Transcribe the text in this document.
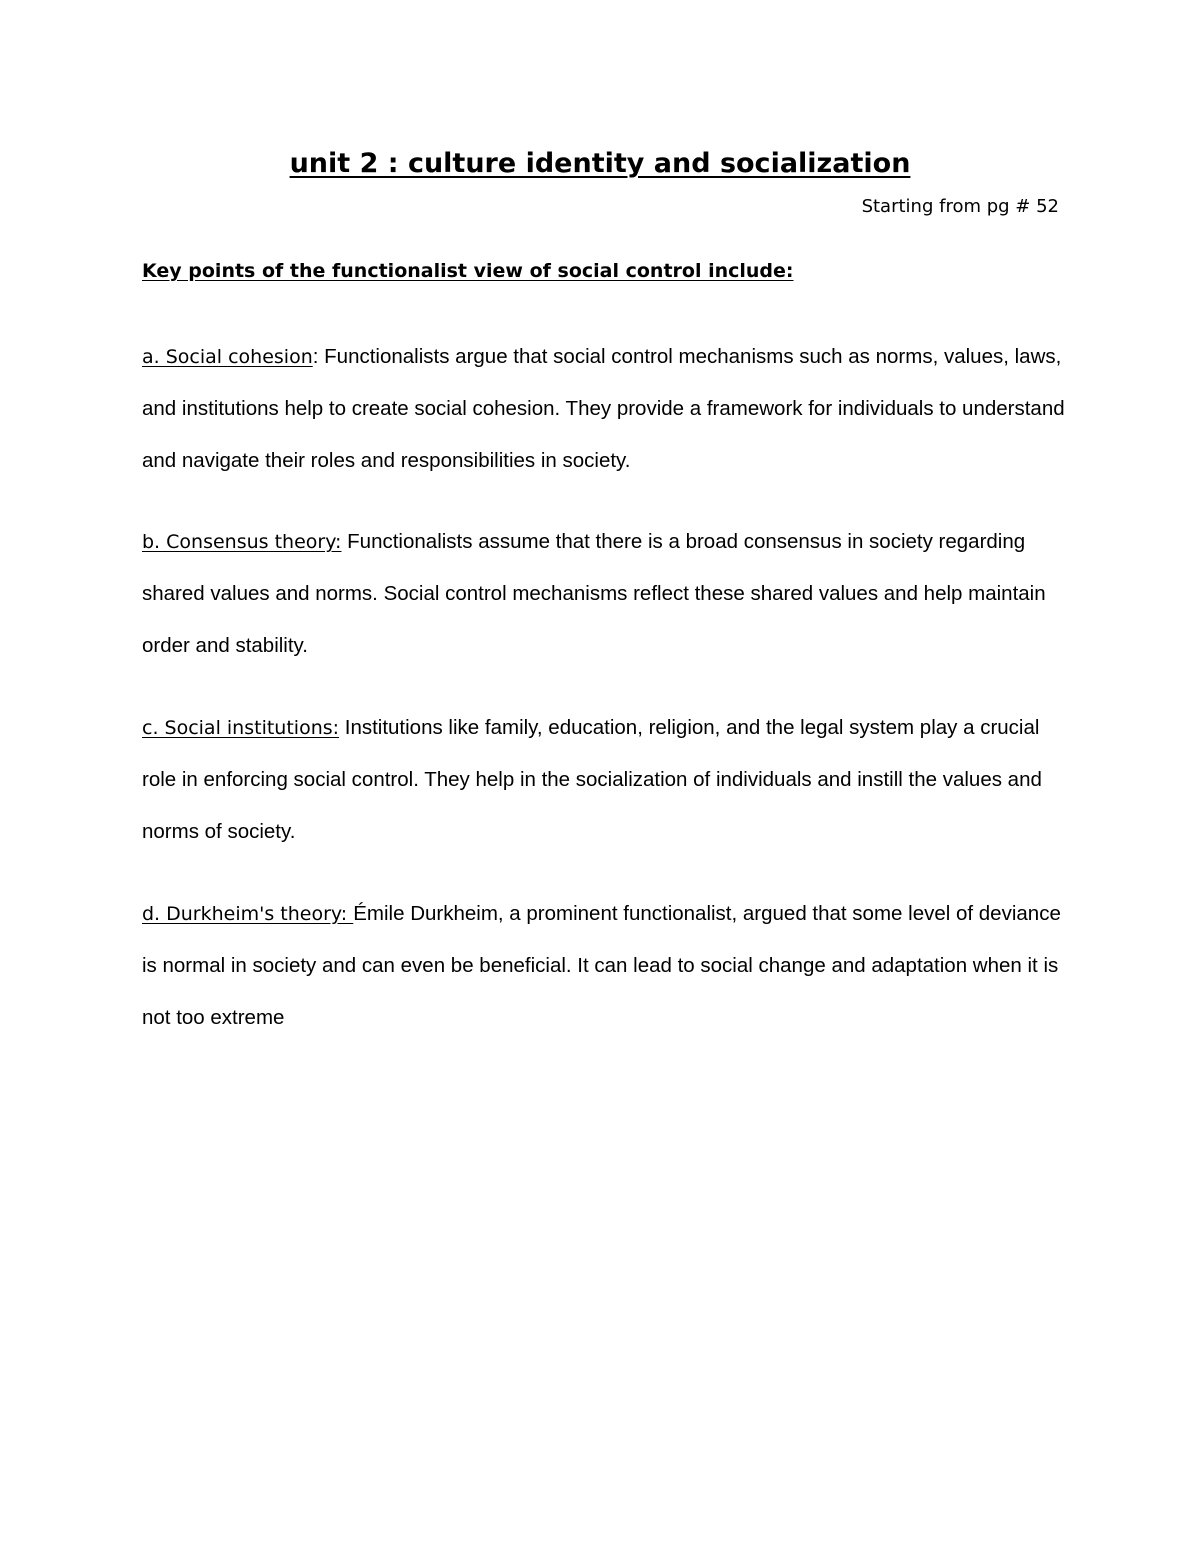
unit 2 : culture identity and socialization

Starting from pg # 52

Key points of the functionalist view of social control include:

a. Social cohesion: Functionalists argue that social control mechanisms such as norms, values, laws, and institutions help to create social cohesion. They provide a framework for individuals to understand and navigate their roles and responsibilities in society.

b. Consensus theory: Functionalists assume that there is a broad consensus in society regarding shared values and norms. Social control mechanisms reflect these shared values and help maintain order and stability.

c. Social institutions: Institutions like family, education, religion, and the legal system play a crucial role in enforcing social control. They help in the socialization of individuals and instill the values and norms of society.

d. Durkheim's theory: Émile Durkheim, a prominent functionalist, argued that some level of deviance is normal in society and can even be beneficial. It can lead to social change and adaptation when it is not too extreme
